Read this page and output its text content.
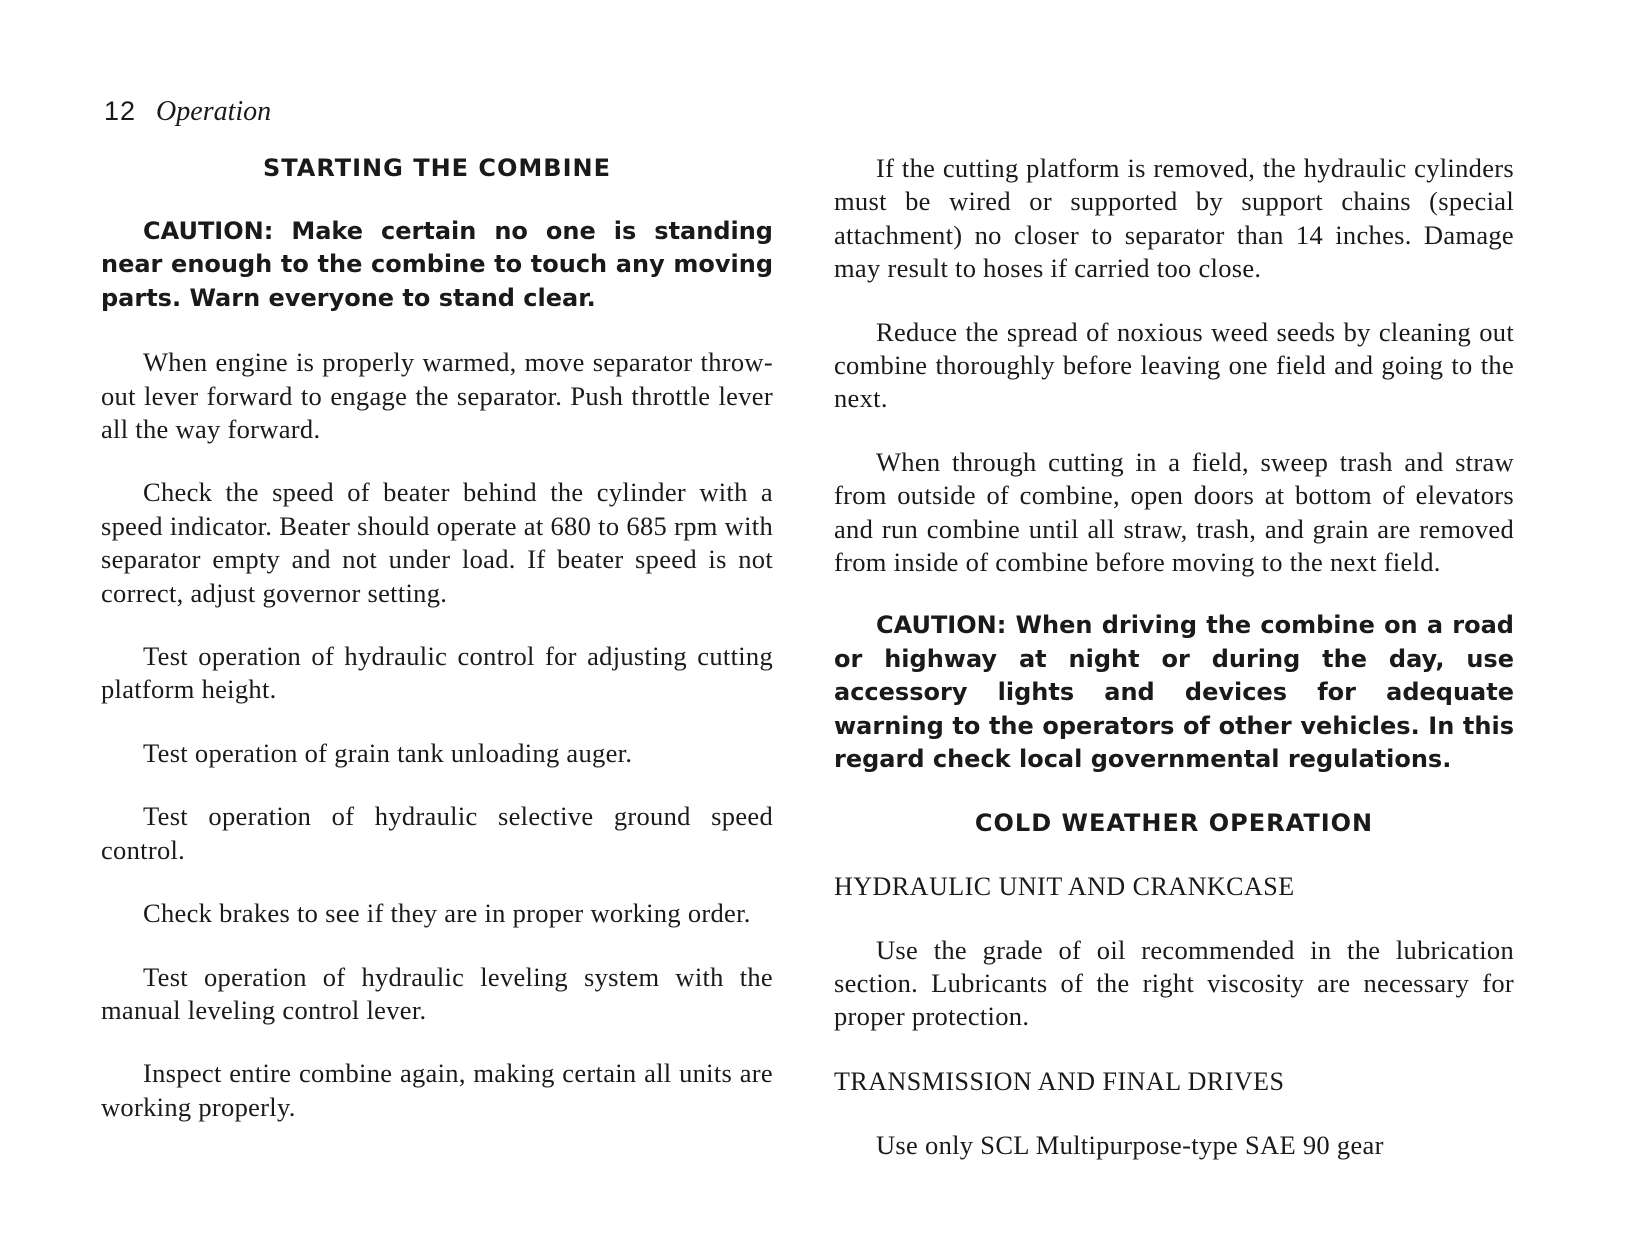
12 Operation
STARTING THE COMBINE

CAUTION: Make certain no one is standing near enough to the combine to touch any moving parts. Warn everyone to stand clear.

When engine is properly warmed, move separator throw-out lever forward to engage the separator. Push throttle lever all the way forward.

Check the speed of beater behind the cylinder with a speed indicator. Beater should operate at 680 to 685 rpm with separator empty and not under load. If beater speed is not correct, adjust governor setting.

Test operation of hydraulic control for adjusting cutting platform height.

Test operation of grain tank unloading auger.

Test operation of hydraulic selective ground speed control.

Check brakes to see if they are in proper working order.

Test operation of hydraulic leveling system with the manual leveling control lever.

Inspect entire combine again, making certain all units are working properly.

If the cutting platform is removed, the hydraulic cylinders must be wired or supported by support chains (special attachment) no closer to separator than 14 inches. Damage may result to hoses if carried too close.

Reduce the spread of noxious weed seeds by cleaning out combine thoroughly before leaving one field and going to the next.

When through cutting in a field, sweep trash and straw from outside of combine, open doors at bottom of elevators and run combine until all straw, trash, and grain are removed from inside of combine before moving to the next field.

CAUTION: When driving the combine on a road or highway at night or during the day, use accessory lights and devices for adequate warning to the operators of other vehicles. In this regard check local governmental regulations.

COLD WEATHER OPERATION

HYDRAULIC UNIT AND CRANKCASE

Use the grade of oil recommended in the lubrication section. Lubricants of the right viscosity are necessary for proper protection.

TRANSMISSION AND FINAL DRIVES

Use only SCL Multipurpose-type SAE 90 gear
